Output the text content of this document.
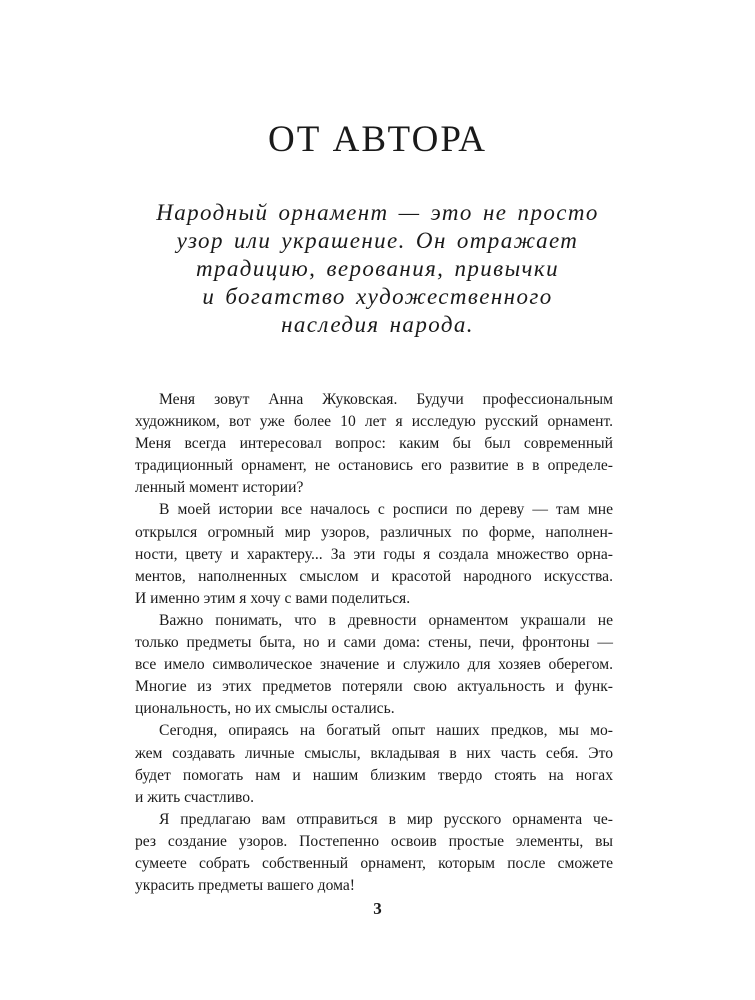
ОТ АВТОРА
Народный орнамент — это не просто
узор или украшение. Он отражает
традицию, верования, привычки
и богатство художественного
наследия народа.
Меня зовут Анна Жуковская. Будучи профессиональным
художником, вот уже более 10 лет я исследую русский орнамент.
Меня всегда интересовал вопрос: каким бы был современный
традиционный орнамент, не остановись его развитие в в определе-
ленный момент истории?
В моей истории все началось с росписи по дереву — там мне
открылся огромный мир узоров, различных по форме, наполнен-
ности, цвету и характеру... За эти годы я создала множество орна-
ментов, наполненных смыслом и красотой народного искусства.
И именно этим я хочу с вами поделиться.
Важно понимать, что в древности орнаментом украшали не
только предметы быта, но и сами дома: стены, печи, фронтоны —
все имело символическое значение и служило для хозяев оберегом.
Многие из этих предметов потеряли свою актуальность и функ-
циональность, но их смыслы остались.
Сегодня, опираясь на богатый опыт наших предков, мы мо-
жем создавать личные смыслы, вкладывая в них часть себя. Это
будет помогать нам и нашим близким твердо стоять на ногах
и жить счастливо.
Я предлагаю вам отправиться в мир русского орнамента че-
рез создание узоров. Постепенно освоив простые элементы, вы
сумеете собрать собственный орнамент, которым после сможете
украсить предметы вашего дома!
3
